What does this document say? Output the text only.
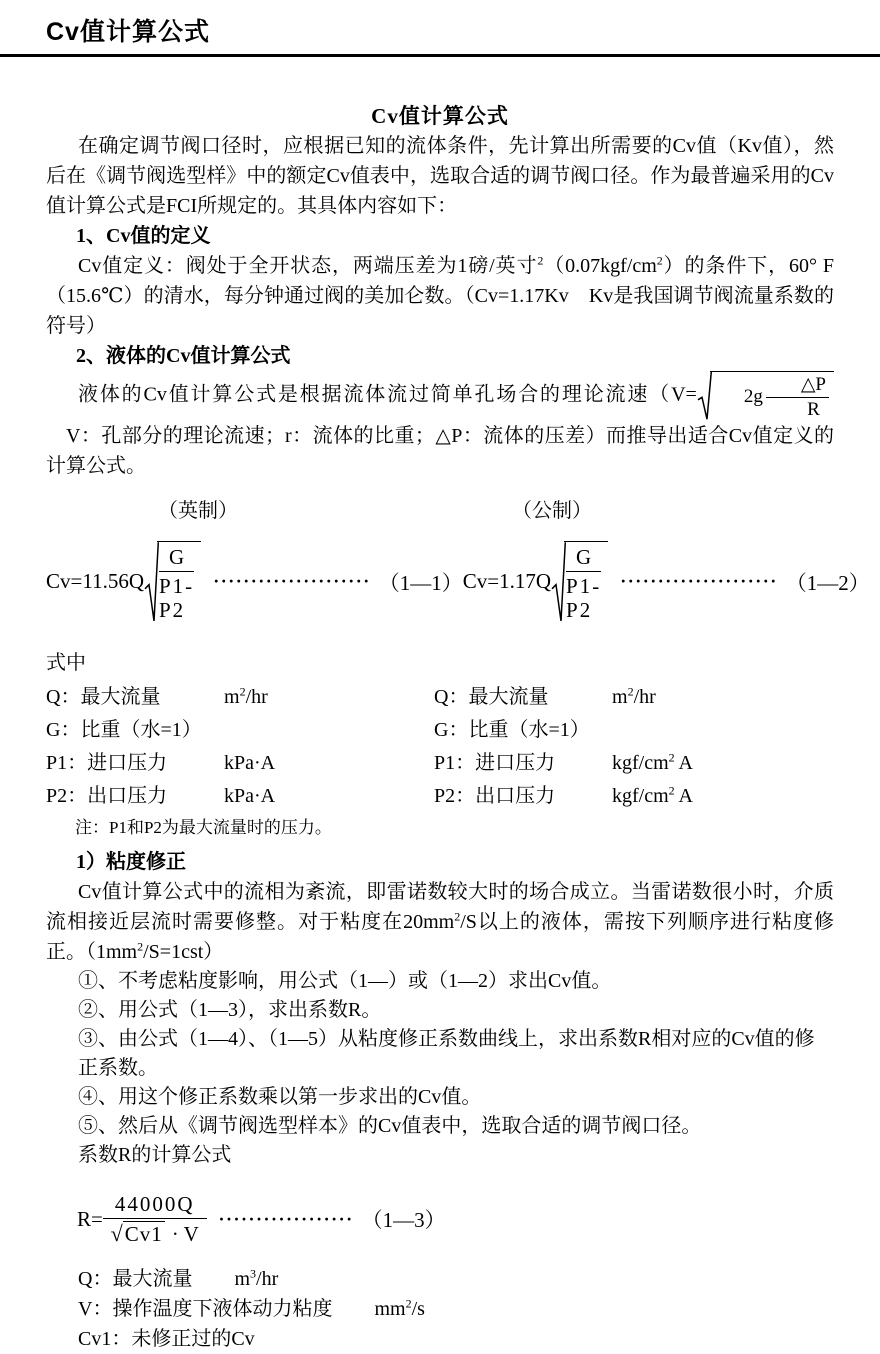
Cv值计算公式
Cv值计算公式

在确定调节阀口径时，应根据已知的流体条件，先计算出所需要的Cv值（Kv值），然后在《调节阀选型样》中的额定Cv值表中，选取合适的调节阀口径。作为最普遍采用的Cv值计算公式是FCI所规定的。其具体内容如下：

1、Cv值的定义

Cv值定义：阀处于全开状态，两端压差为1磅/英寸$^2(0.07kgf/cm^2)$的条件下，60° F（15.6℃）的清水，每分钟通过阀的美加仑数。（Cv=1.17Kv　Kv是我国调节阀流量系数的符号）

2、液体的Cv值计算公式

液体的Cv值计算公式是根据流体流过简单孔场合的理论流速（V=	$2g \frac{\triangle P}{R}$
V：孔部分的理论流速；r：流体的比重；△P：流体的压差）而推导出适合Cv值定义的计算公式。

（英制）	（公制）
$Cv=11.56Q \frac{G}{P1-P2}$ ····················· （1—1） $Cv=1.17Q \frac{G}{P1-P2}$ ····················· （1—2）
式中
Q：最大流量	$m^2/hr$	Q：最大流量	$m^2/hr$
G：比重（水=1）	G：比重（水=1）
P1：进口压力	kPa·A	P1：进口压力	kgf/$cm^2$ A
P2：出口压力	kPa·A	P2：出口压力	kgf/$cm^2$ A
注：P1和P2为最大流量时的压力。
1）粘度修正

Cv值计算公式中的流相为紊流，即雷诺数较大时的场合成立。当雷诺数很小时，介质流相接近层流时需要修整。对于粘度在$20mm^2/S$以上的液体，需按下列顺序进行粘度修正。$(1mm^2/S=1cst)$

①、不考虑粘度影响，用公式（1—）或（1—2）求出Cv值。
②、用公式（1—3），求出系数R。
③、由公式（1—4）、（1—5）从粘度修正系数曲线上，求出系数R相对应的Cv值的修正系数。
④、用这个修正系数乘以第一步求出的Cv值。
⑤、然后从《调节阀选型样本》的Cv值表中，选取合适的调节阀口径。
系数R的计算公式
$R= \frac{44000Q}{√ Cv1 \cdot V}$ ·················· （1—3）
Q：最大流量 $m^3/hr$
V：操作温度下液体动力粘度 $mm^2/s$
Cv1：未修正过的Cv
